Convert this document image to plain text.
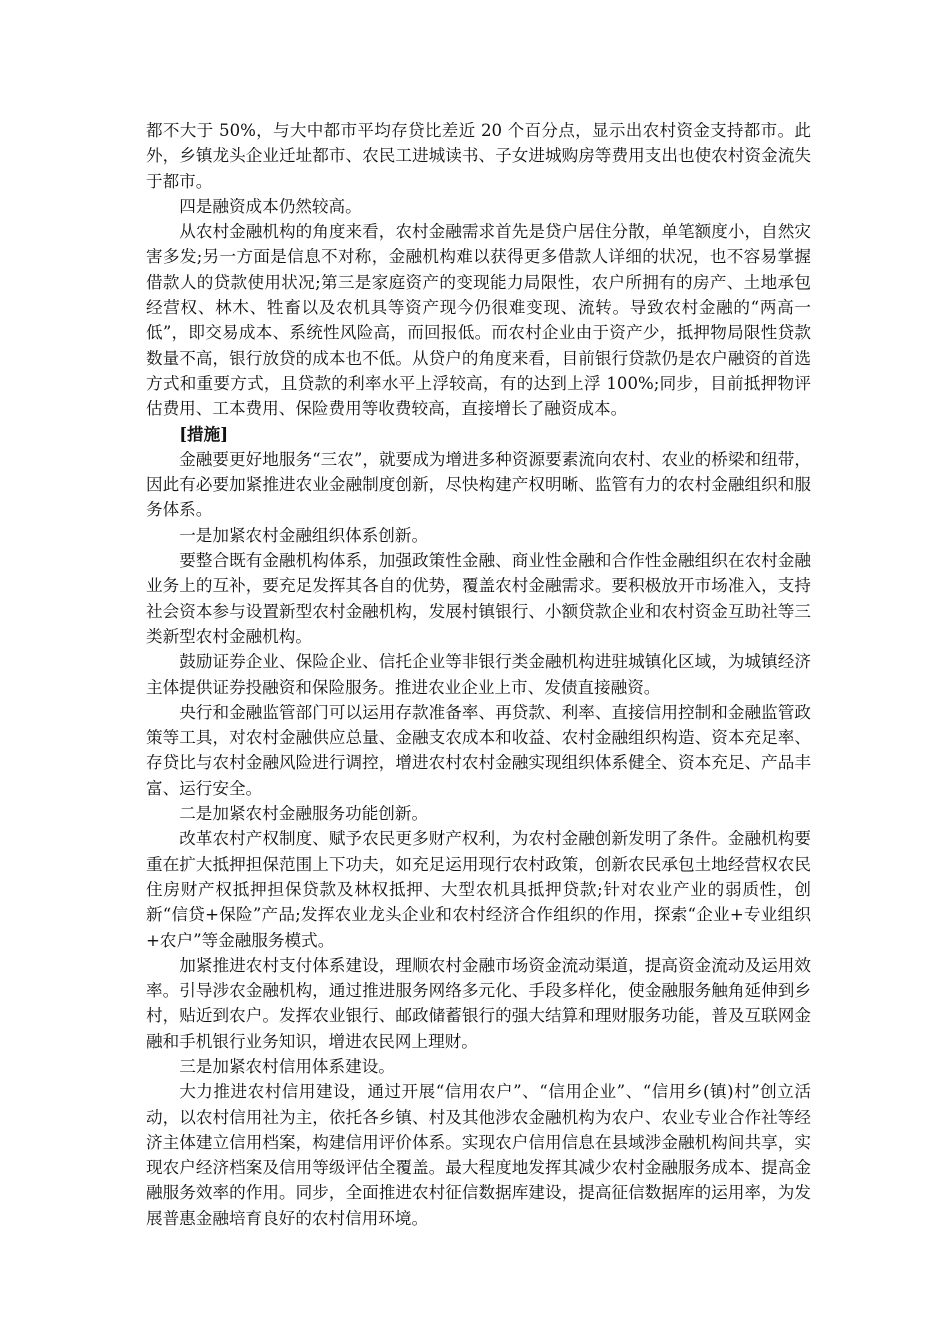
都不大于 50%，与大中都市平均存贷比差近 20 个百分点，显示出农村资金支持都市。此外，乡镇龙头企业迁址都市、农民工进城读书、子女进城购房等费用支出也使农村资金流失于都市。

四是融资成本仍然较高。

从农村金融机构的角度来看，农村金融需求首先是贷户居住分散，单笔额度小，自然灾害多发;另一方面是信息不对称，金融机构难以获得更多借款人详细的状况，也不容易掌握借款人的贷款使用状况;第三是家庭资产的变现能力局限性，农户所拥有的房产、土地承包经营权、林木、牲畜以及农机具等资产现今仍很难变现、流转。导致农村金融的“两高一低”，即交易成本、系统性风险高，而回报低。而农村企业由于资产少，抵押物局限性贷款数量不高，银行放贷的成本也不低。从贷户的角度来看，目前银行贷款仍是农户融资的首选方式和重要方式，且贷款的利率水平上浮较高，有的达到上浮 100%;同步，目前抵押物评估费用、工本费用、保险费用等收费较高，直接增长了融资成本。

[措施]

金融要更好地服务“三农”，就要成为增进多种资源要素流向农村、农业的桥梁和纽带，因此有必要加紧推进农业金融制度创新，尽快构建产权明晰、监管有力的农村金融组织和服务体系。

一是加紧农村金融组织体系创新。

要整合既有金融机构体系，加强政策性金融、商业性金融和合作性金融组织在农村金融业务上的互补，要充足发挥其各自的优势，覆盖农村金融需求。要积极放开市场准入，支持社会资本参与设置新型农村金融机构，发展村镇银行、小额贷款企业和农村资金互助社等三类新型农村金融机构。

鼓励证券企业、保险企业、信托企业等非银行类金融机构进驻城镇化区域，为城镇经济主体提供证券投融资和保险服务。推进农业企业上市、发债直接融资。

央行和金融监管部门可以运用存款准备率、再贷款、利率、直接信用控制和金融监管政策等工具，对农村金融供应总量、金融支农成本和收益、农村金融组织构造、资本充足率、存贷比与农村金融风险进行调控，增进农村农村金融实现组织体系健全、资本充足、产品丰富、运行安全。

二是加紧农村金融服务功能创新。

改革农村产权制度、赋予农民更多财产权利，为农村金融创新发明了条件。金融机构要重在扩大抵押担保范围上下功夫，如充足运用现行农村政策，创新农民承包土地经营权农民住房财产权抵押担保贷款及林权抵押、大型农机具抵押贷款;针对农业产业的弱质性，创新“信贷+保险”产品;发挥农业龙头企业和农村经济合作组织的作用，探索“企业+专业组织+农户”等金融服务模式。

加紧推进农村支付体系建设，理顺农村金融市场资金流动渠道，提高资金流动及运用效率。引导涉农金融机构，通过推进服务网络多元化、手段多样化，使金融服务触角延伸到乡村，贴近到农户。发挥农业银行、邮政储蓄银行的强大结算和理财服务功能，普及互联网金融和手机银行业务知识，增进农民网上理财。

三是加紧农村信用体系建设。

大力推进农村信用建设，通过开展“信用农户”、“信用企业”、“信用乡(镇)村”创立活动，以农村信用社为主，依托各乡镇、村及其他涉农金融机构为农户、农业专业合作社等经济主体建立信用档案，构建信用评价体系。实现农户信用信息在县域涉金融机构间共享，实现农户经济档案及信用等级评估全覆盖。最大程度地发挥其减少农村金融服务成本、提高金融服务效率的作用。同步，全面推进农村征信数据库建设，提高征信数据库的运用率，为发展普惠金融培育良好的农村信用环境。
